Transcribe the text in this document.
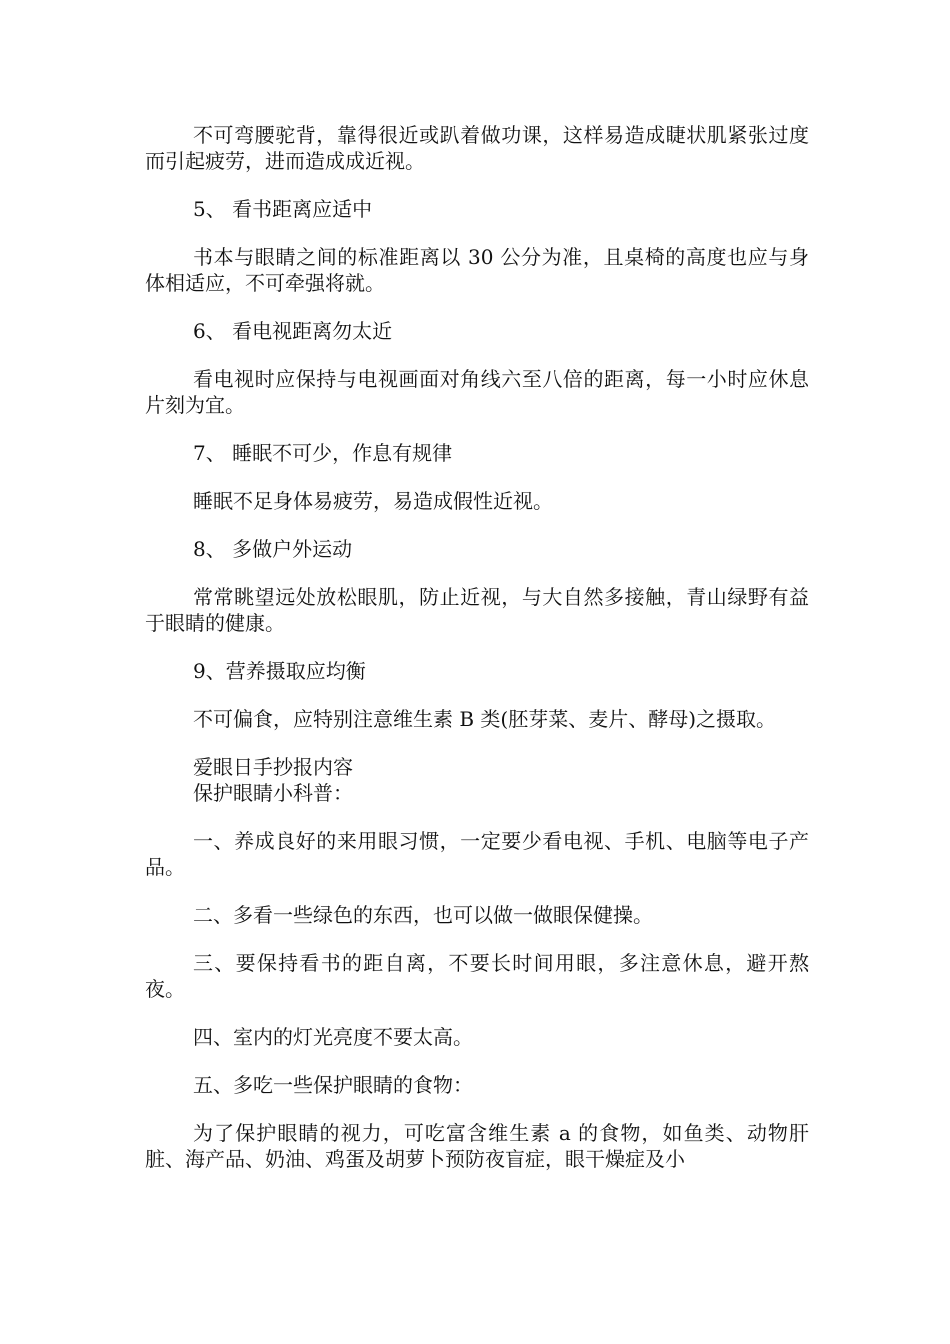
不可弯腰驼背，靠得很近或趴着做功课，这样易造成睫状肌紧张过度而引起疲劳，进而造成成近视。

5、 看书距离应适中

书本与眼睛之间的标准距离以 30 公分为准，且桌椅的高度也应与身体相适应，不可牵强将就。

6、 看电视距离勿太近

看电视时应保持与电视画面对角线六至八倍的距离，每一小时应休息片刻为宜。

7、 睡眠不可少，作息有规律

睡眠不足身体易疲劳，易造成假性近视。

8、 多做户外运动

常常眺望远处放松眼肌，防止近视，与大自然多接触，青山绿野有益于眼睛的健康。

9、营养摄取应均衡

不可偏食，应特别注意维生素 B 类(胚芽菜、麦片、酵母)之摄取。

爱眼日手抄报内容

保护眼睛小科普：

一、养成良好的来用眼习惯，一定要少看电视、手机、电脑等电子产品。

二、多看一些绿色的东西，也可以做一做眼保健操。

三、要保持看书的距自离，不要长时间用眼，多注意休息，避开熬夜。

四、室内的灯光亮度不要太高。

五、多吃一些保护眼睛的食物：

为了保护眼睛的视力，可吃富含维生素 a 的食物，如鱼类、动物肝脏、海产品、奶油、鸡蛋及胡萝卜预防夜盲症，眼干燥症及小
